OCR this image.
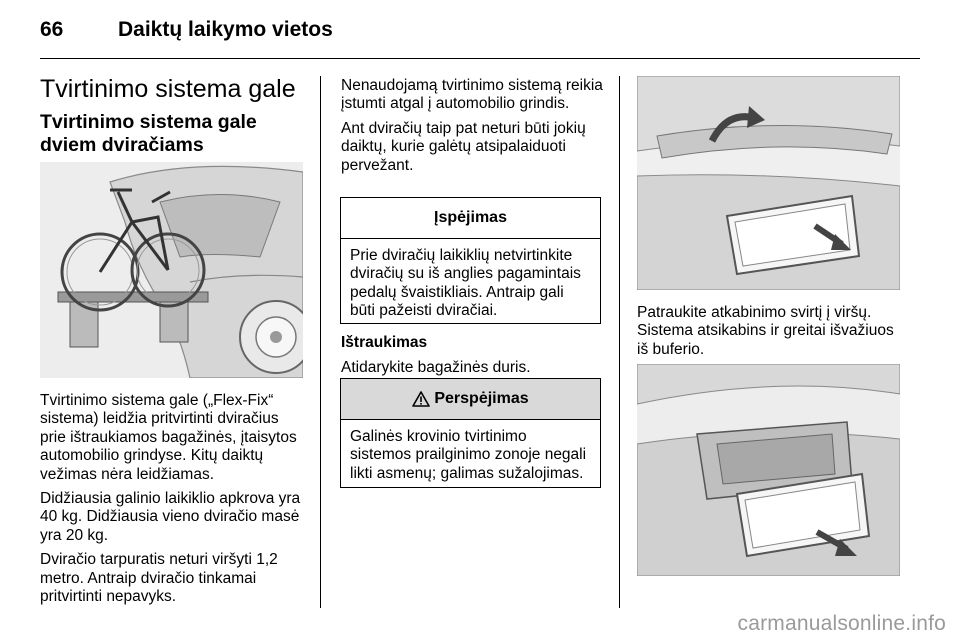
66	Daiktų laikymo vietos
Tvirtinimo sistema gale
Tvirtinimo sistema gale dviem dviračiams
Tvirtinimo sistema gale („Flex-Fix“ sistema) leidžia pritvirtinti dviračius prie ištraukiamos bagažinės, įtaisytos automobilio grindyse. Kitų daiktų vežimas nėra leidžiamas.
Didžiausia galinio laikiklio apkrova yra 40 kg. Didžiausia vieno dviračio masė yra 20 kg.
Dviračio tarpuratis neturi viršyti 1,2 metro. Antraip dviračio tinkamai pritvirtinti nepavyks.
Nenaudojamą tvirtinimo sistemą reikia įstumti atgal į automobilio grindis.
Ant dviračių taip pat neturi būti jokių daiktų, kurie galėtų atsipalaiduoti pervežant.
Įspėjimas
Prie dviračių laikiklių netvirtinkite dviračių su iš anglies pagamintais pedalų švaistikliais. Antraip gali būti pažeisti dviračiai.
Ištraukimas
Atidarykite bagažinės duris.
Perspėjimas
Galinės krovinio tvirtinimo sistemos prailginimo zonoje negali likti asmenų; galimas sužalojimas.
Patraukite atkabinimo svirtį į viršų. Sistema atsikabins ir greitai išvažiuos iš buferio.
carmanualsonline.info
